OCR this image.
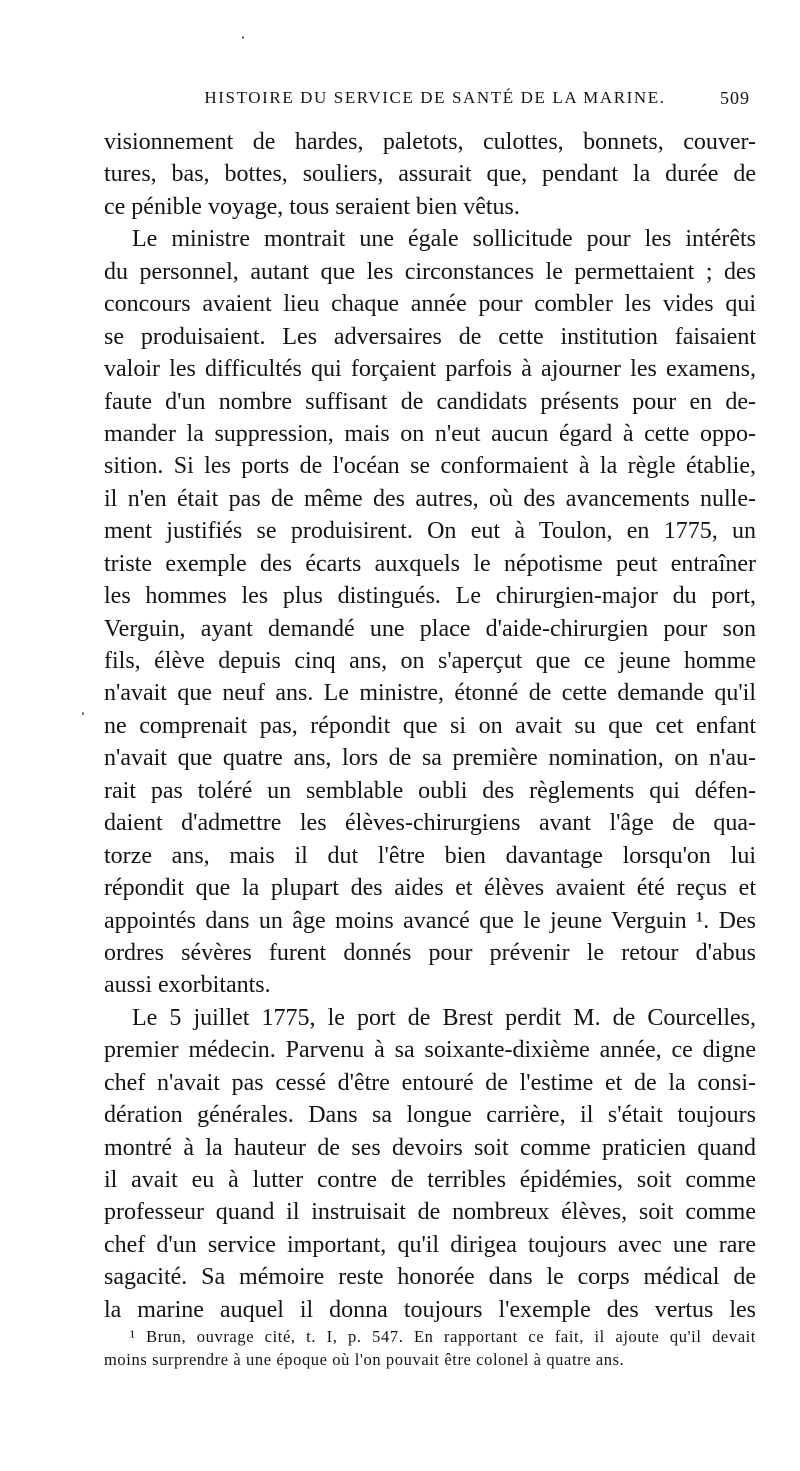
HISTOIRE DU SERVICE DE SANTÉ DE LA MARINE.	509
visionnement de hardes, paletots, culottes, bonnets, couver-
tures, bas, bottes, souliers, assurait que, pendant la durée de
ce pénible voyage, tous seraient bien vêtus.
Le ministre montrait une égale sollicitude pour les intérêts
du personnel, autant que les circonstances le permettaient ; des
concours avaient lieu chaque année pour combler les vides qui
se produisaient. Les adversaires de cette institution faisaient
valoir les difficultés qui forçaient parfois à ajourner les examens,
faute d'un nombre suffisant de candidats présents pour en de-
mander la suppression, mais on n'eut aucun égard à cette oppo-
sition. Si les ports de l'océan se conformaient à la règle établie,
il n'en était pas de même des autres, où des avancements nulle-
ment justifiés se produisirent. On eut à Toulon, en 1775, un
triste exemple des écarts auxquels le népotisme peut entraîner
les hommes les plus distingués. Le chirurgien-major du port,
Verguin, ayant demandé une place d'aide-chirurgien pour son
fils, élève depuis cinq ans, on s'aperçut que ce jeune homme
n'avait que neuf ans. Le ministre, étonné de cette demande qu'il
ne comprenait pas, répondit que si on avait su que cet enfant
n'avait que quatre ans, lors de sa première nomination, on n'au-
rait pas toléré un semblable oubli des règlements qui défen-
daient d'admettre les élèves-chirurgiens avant l'âge de qua-
torze ans, mais il dut l'être bien davantage lorsqu'on lui
répondit que la plupart des aides et élèves avaient été reçus et
appointés dans un âge moins avancé que le jeune Verguin ¹. Des
ordres sévères furent donnés pour prévenir le retour d'abus
aussi exorbitants.
Le 5 juillet 1775, le port de Brest perdit M. de Courcelles,
premier médecin. Parvenu à sa soixante-dixième année, ce digne
chef n'avait pas cessé d'être entouré de l'estime et de la consi-
dération générales. Dans sa longue carrière, il s'était toujours
montré à la hauteur de ses devoirs soit comme praticien quand
il avait eu à lutter contre de terribles épidémies, soit comme
professeur quand il instruisait de nombreux élèves, soit comme
chef d'un service important, qu'il dirigea toujours avec une rare
sagacité. Sa mémoire reste honorée dans le corps médical de
la marine auquel il donna toujours l'exemple des vertus les
¹ Brun, ouvrage cité, t. I, p. 547. En rapportant ce fait, il ajoute qu'il devait
moins surprendre à une époque où l'on pouvait être colonel à quatre ans.
